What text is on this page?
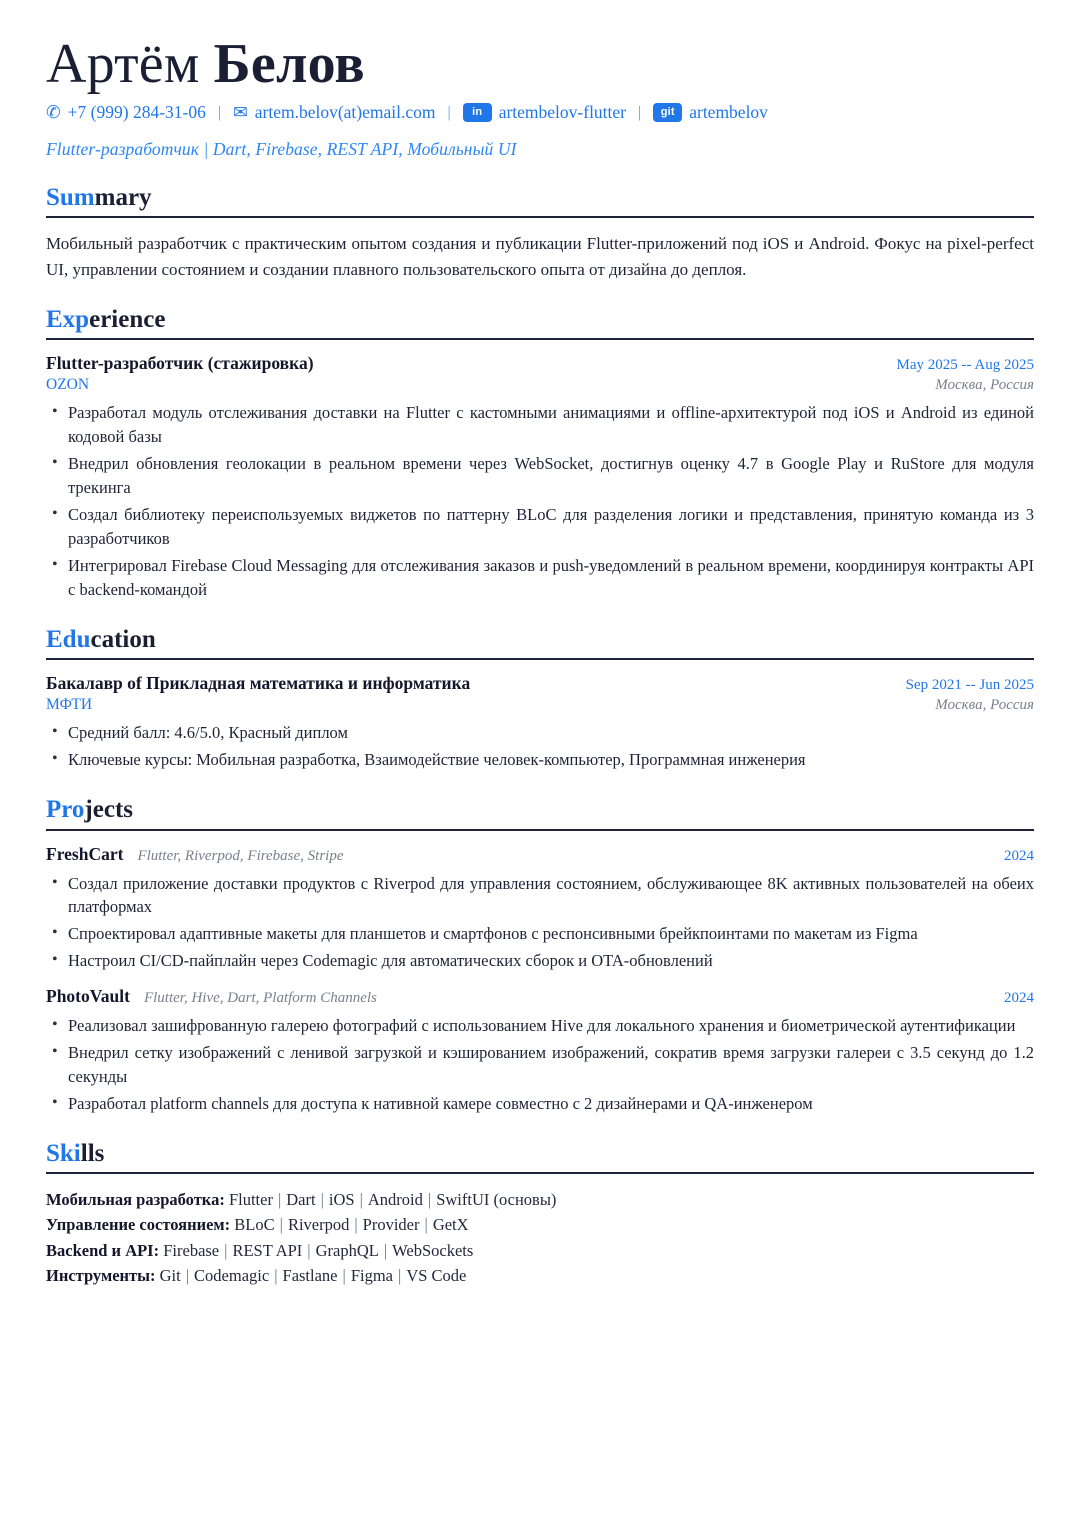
Артём Белов
✆ +7 (999) 284-31-06 | ✉ artem.belov(at)email.com |	in artembelov-flutter |	git artembelov
Flutter-разработчик | Dart, Firebase, REST API, Мобильный UI
Summary

Мобильный разработчик с практическим опытом создания и публикации Flutter-приложений под iOS и Android. Фокус на pixel-perfect UI, управлении состоянием и создании плавного пользовательского опыта от дизайна до деплоя.

Experience
Flutter-разработчик (стажировка)	May 2025 -- Aug 2025
OZON	Москва, Россия
• Разработал модуль отслеживания доставки на Flutter с кастомными анимациями и offline-архитектурой под iOS и Android из единой кодовой базы
• Внедрил обновления геолокации в реальном времени через WebSocket, достигнув оценку 4.7 в Google Play и RuStore для модуля трекинга
• Создал библиотеку переиспользуемых виджетов по паттерну BLoC для разделения логики и представления, принятую команда из 3 разработчиков
• Интегрировал Firebase Cloud Messaging для отслеживания заказов и push-уведомлений в реальном времени, координируя контракты API с backend-командой
Education
Бакалавр of Прикладная математика и информатика	Sep 2021 -- Jun 2025
МФТИ	Москва, Россия
• Средний балл: 4.6/5.0, Красный диплом
• Ключевые курсы: Мобильная разработка, Взаимодействие человек-компьютер, Программная инженерия
Projects
FreshCart Flutter, Riverpod, Firebase, Stripe	2024
• Создал приложение доставки продуктов с Riverpod для управления состоянием, обслуживающее 8K активных пользователей на обеих платформах
• Спроектировал адаптивные макеты для планшетов и смартфонов с респонсивными брейкпоинтами по макетам из Figma
• Настроил CI/CD-пайплайн через Codemagic для автоматических сборок и OTA-обновлений
PhotoVault Flutter, Hive, Dart, Platform Channels	2024
• Реализовал зашифрованную галерею фотографий с использованием Hive для локального хранения и биометрической аутентификации
• Внедрил сетку изображений с ленивой загрузкой и кэшированием изображений, сократив время загрузки галереи с 3.5 секунд до 1.2 секунды
• Разработал platform channels для доступа к нативной камере совместно с 2 дизайнерами и QA-инженером
Skills
Мобильная разработка: Flutter | Dart | iOS | Android | SwiftUI (основы)
Управление состоянием: BLoC | Riverpod | Provider | GetX
Backend и API: Firebase | REST API | GraphQL | WebSockets
Инструменты: Git | Codemagic | Fastlane | Figma | VS Code
